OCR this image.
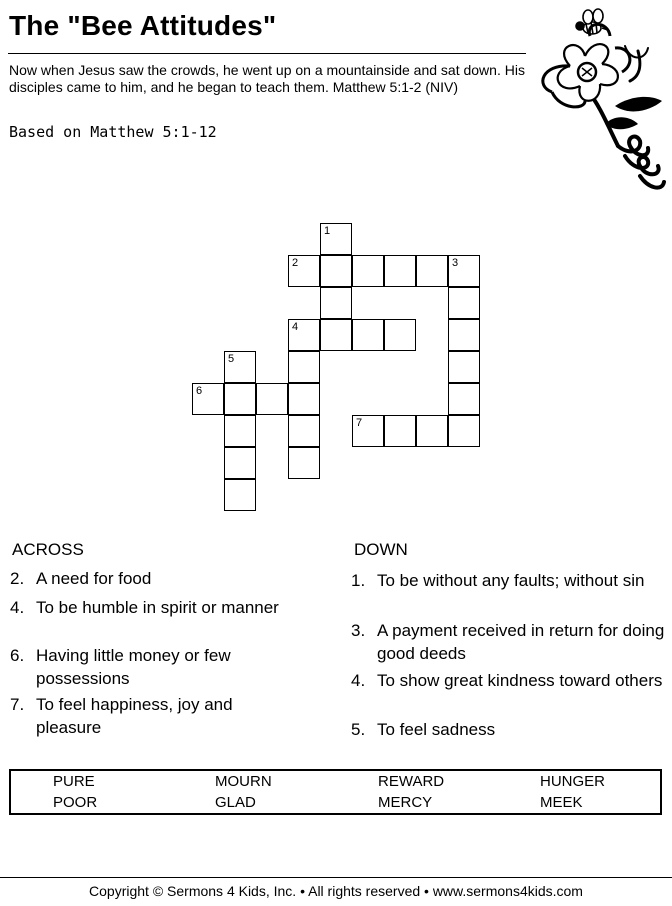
The "Bee Attitudes"
Now when Jesus saw the crowds, he went up on a mountainside and sat down. His disciples came to him, and he began to teach them. Matthew 5:1-2 (NIV)
Based on Matthew 5:1-12
1
2	3
4
5
6
7
ACROSS	DOWN
2. A need for food
4. To be humble in spirit or manner
6. Having little money or few possessions
7. To feel happiness, joy and pleasure
1. To be without any faults; without sin
3. A payment received in return for doing good deeds
4. To show great kindness toward others
5. To feel sadness
PURE	MOURN	REWARD	HUNGER
POOR	GLAD	MERCY	MEEK
Copyright © Sermons 4 Kids, Inc. • All rights reserved • www.sermons4kids.com
